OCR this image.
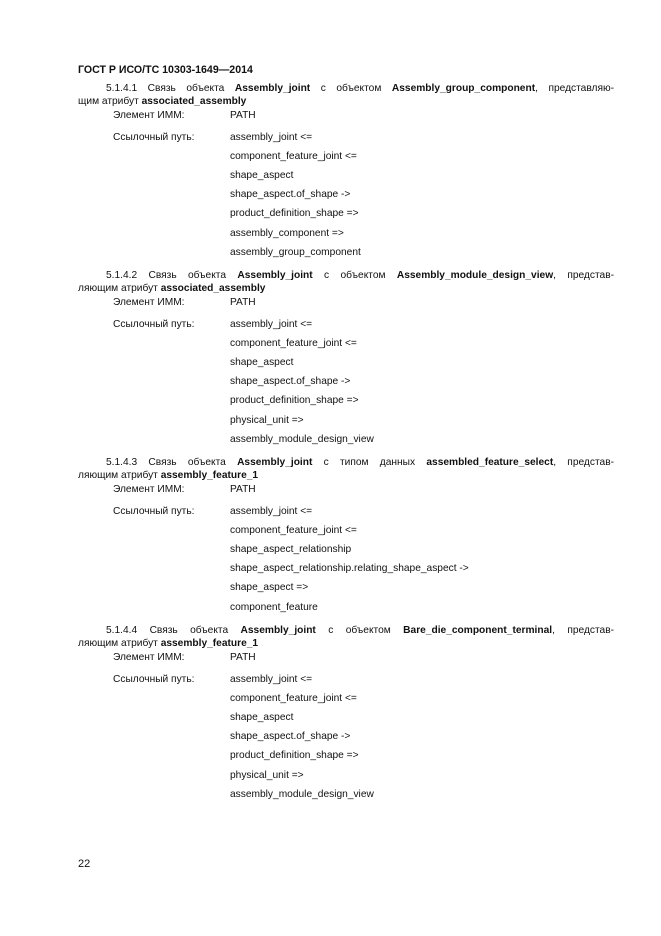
ГОСТ Р ИСО/ТС 10303-1649—2014
5.1.4.1 Связь объекта Assembly_joint с объектом Assembly_group_component, представляю-
щим атрибут associated_assembly
Элемент ИММ:	PATH
Ссылочный путь:	assembly_joint <=
component_feature_joint <=
shape_aspect
shape_aspect.of_shape ->
product_definition_shape =>
assembly_component =>
assembly_group_component
5.1.4.2 Связь объекта Assembly_joint с объектом Assembly_module_design_view, представ-
ляющим атрибут associated_assembly
Элемент ИММ:	PATH
Ссылочный путь:	assembly_joint <=
component_feature_joint <=
shape_aspect
shape_aspect.of_shape ->
product_definition_shape =>
physical_unit =>
assembly_module_design_view
5.1.4.3 Связь объекта Assembly_joint с типом данных assembled_feature_select, представ-
ляющим атрибут assembly_feature_1
Элемент ИММ:	PATH
Ссылочный путь:	assembly_joint <=
component_feature_joint <=
shape_aspect_relationship
shape_aspect_relationship.relating_shape_aspect ->
shape_aspect =>
component_feature
5.1.4.4 Связь объекта Assembly_joint с объектом Bare_die_component_terminal, представ-
ляющим атрибут assembly_feature_1
Элемент ИММ:	PATH
Ссылочный путь:	assembly_joint <=
component_feature_joint <=
shape_aspect
shape_aspect.of_shape ->
product_definition_shape =>
physical_unit =>
assembly_module_design_view
22
